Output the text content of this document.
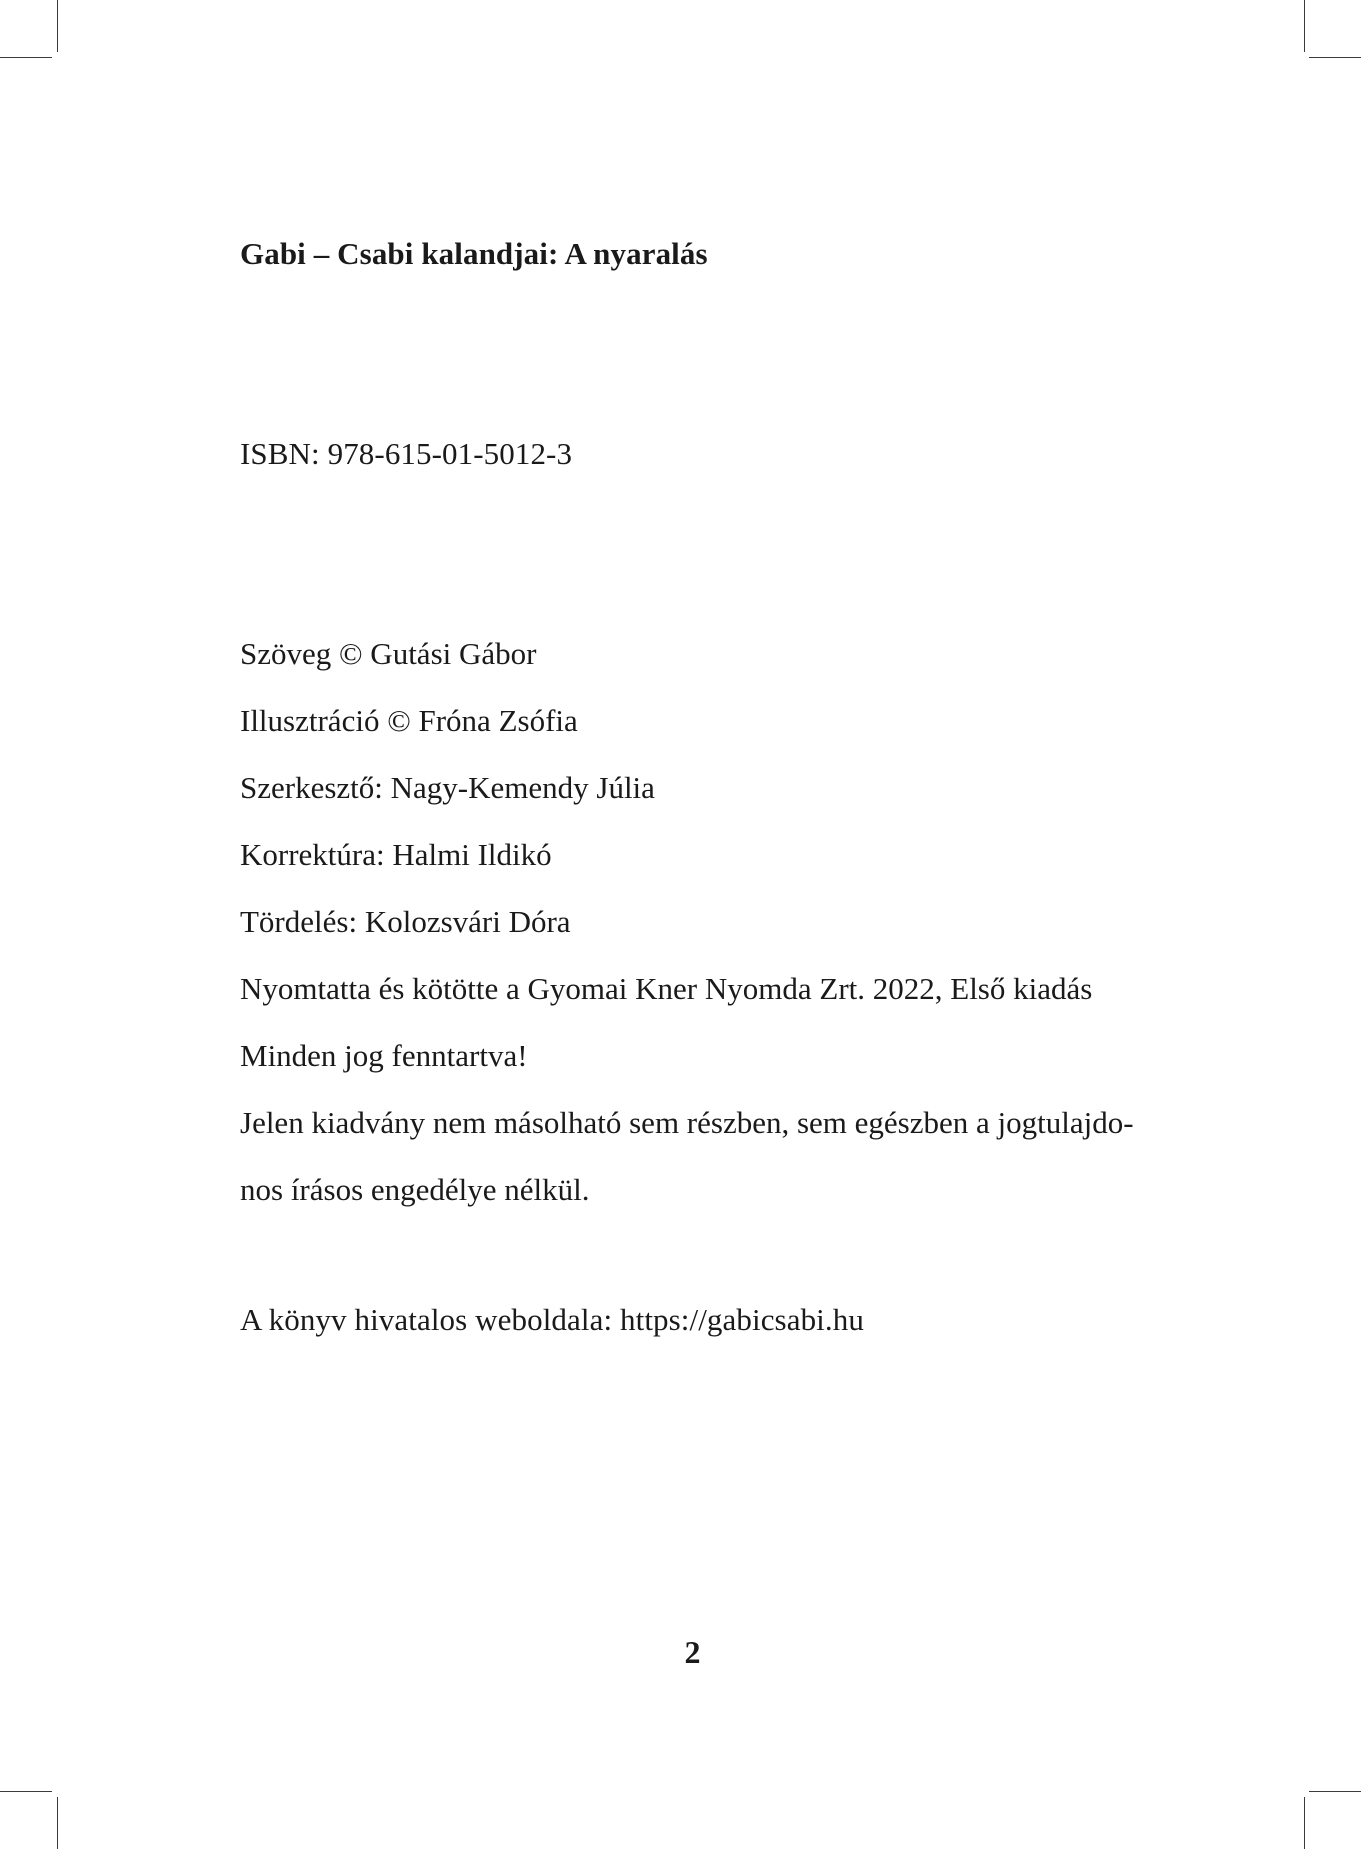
Gabi – Csabi kalandjai: A nyaralás
ISBN: 978-615-01-5012-3
Szöveg © Gutási Gábor
Illusztráció © Fróna Zsófia
Szerkesztő: Nagy-Kemendy Júlia
Korrektúra: Halmi Ildikó
Tördelés: Kolozsvári Dóra
Nyomtatta és kötötte a Gyomai Kner Nyomda Zrt. 2022, Első kiadás
Minden jog fenntartva!
Jelen kiadvány nem másolható sem részben, sem egészben a jogtulajdo-
nos írásos engedélye nélkül.
A könyv hivatalos weboldala: https://gabicsabi.hu
2
